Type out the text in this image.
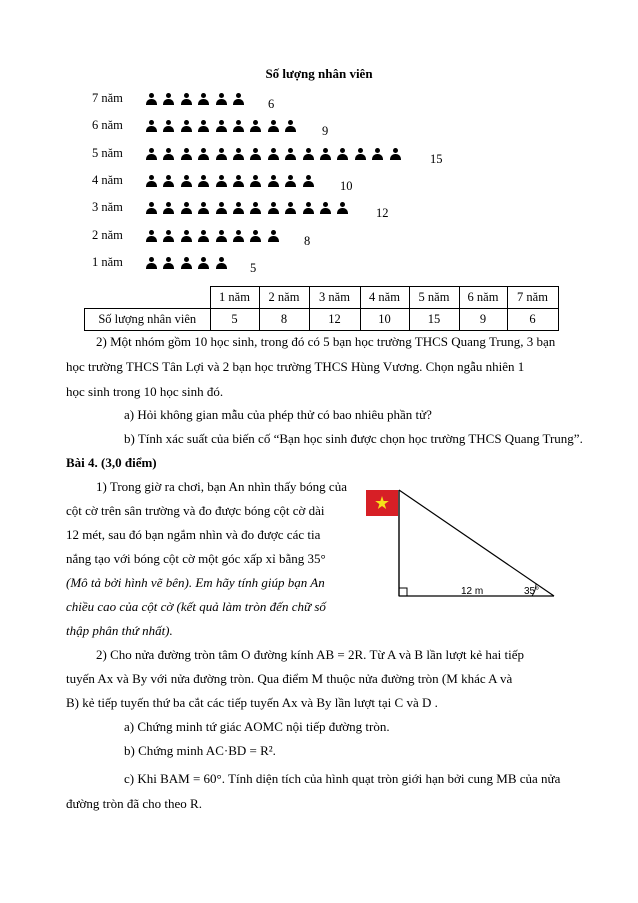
Số lượng nhân viên
7 năm	6
6 năm	9
5 năm	15
4 năm	10
3 năm	12
2 năm	8
1 năm	5
	1 năm	2 năm	3 năm	4 năm	5 năm	6 năm	7 năm
Số lượng nhân viên	5	8	12	10	15	9	6
2) Một nhóm gồm 10 học sinh, trong đó có 5 bạn học trường THCS Quang Trung, 3 bạn
học trường THCS Tân Lợi và 2 bạn học trường THCS Hùng Vương. Chọn ngẫu nhiên 1
học sinh trong 10 học sinh đó.
a) Hỏi không gian mẫu của phép thử có bao nhiêu phần tử?
b) Tính xác suất của biến cố “Bạn học sinh được chọn học trường THCS Quang Trung”.
Bài 4. (3,0 điểm)
1) Trong giờ ra chơi, bạn An nhìn thấy bóng của
cột cờ trên sân trường và đo được bóng cột cờ dài
12 mét, sau đó bạn ngắm nhìn và đo được các tia
nắng tạo với bóng cột cờ một góc xấp xỉ bằng 35°
(Mô tả bởi hình vẽ bên). Em hãy tính giúp bạn An
chiều cao của cột cờ (kết quả làm tròn đến chữ số
thập phân thứ nhất).
12 m	35°
2) Cho nửa đường tròn tâm O đường kính AB = 2R. Từ A và B lần lượt kẻ hai tiếp
tuyến Ax và By với nửa đường tròn. Qua điểm M thuộc nửa đường tròn (M khác A và
B) kẻ tiếp tuyến thứ ba cắt các tiếp tuyến Ax và By lần lượt tại C và D .
a) Chứng minh tứ giác AOMC nội tiếp đường tròn.
b) Chứng minh AC·BD = R².
c) Khi BAM = 60°. Tính diện tích của hình quạt tròn giới hạn bởi cung MB của nửa
đường tròn đã cho theo R.
